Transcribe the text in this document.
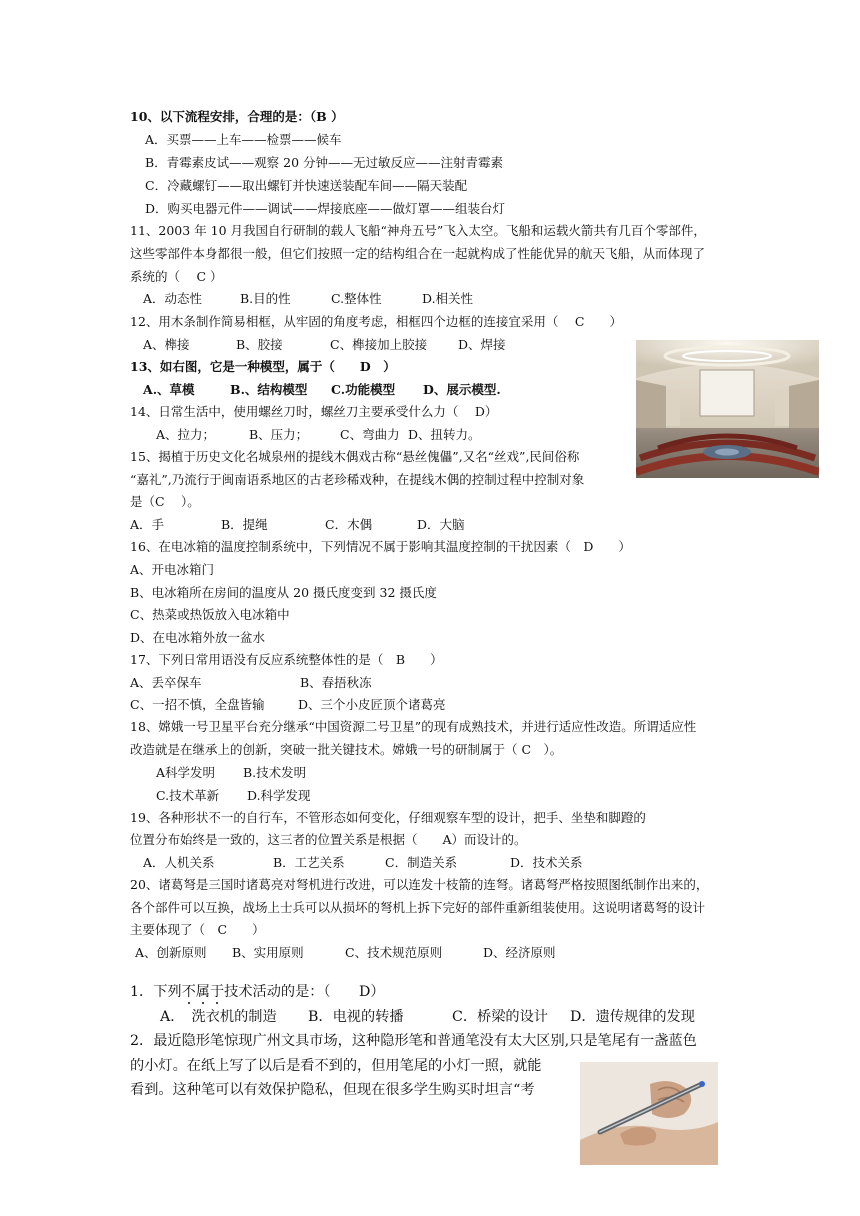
10、以下流程安排，合理的是：（B ）
A．买票——上车——检票——候车
B．青霉素皮试——观察 20 分钟——无过敏反应——注射青霉素
C．冷藏螺钉——取出螺钉并快速送装配车间——隔天装配
D．购买电器元件——调试——焊接底座——做灯罩——组装台灯
11、2003 年 10 月我国自行研制的载人飞船“神舟五号”飞入太空。飞船和运载火箭共有几百个零部件，
这些零部件本身都很一般，但它们按照一定的结构组合在一起就构成了性能优异的航天飞船，从而体现了
系统的（　 C ）
A．动态性	B.目的性	C.整体性	D.相关性
12、用木条制作简易相框，从牢固的角度考虑，相框四个边框的连接宜采用（　 C　　）
A、榫接	B、胶接	C、榫接加上胶接 D、焊接
13、如右图，它是一种模型，属于（　　D　）
A.、草模	B.、结构模型 C.功能模型 D、展示模型.
14、日常生活中，使用螺丝刀时，螺丝刀主要承受什么力（　 D）
A、拉力；	B、压力；	C、弯曲力 D、扭转力。
15、揭植于历史文化名城泉州的提线木偶戏古称“悬丝傀儡”,又名“丝戏”,民间俗称
“嘉礼”,乃流行于闽南语系地区的古老珍稀戏种，在提线木偶的控制过程中控制对象
是（C　 ）。
A．手	B．提绳	C．木偶	D．大脑
16、在电冰箱的温度控制系统中，下列情况不属于影响其温度控制的干扰因素（　D　　）
A、开电冰箱门
B、电冰箱所在房间的温度从 20 摄氏度变到 32 摄氏度
C、热菜或热饭放入电冰箱中
D、在电冰箱外放一盆水
17、下列日常用语没有反应系统整体性的是（　B　　）
A、丢卒保车	B、春捂秋冻
C、一招不慎，全盘皆输	D、三个小皮匠顶个诸葛亮
18、嫦娥一号卫星平台充分继承“中国资源二号卫星”的现有成熟技术，并进行适应性改造。所谓适应性
改造就是在继承上的创新，突破一批关键技术。嫦娥一号的研制属于（ C　）。
A科学发明 B.技术发明
C.技术革新 D.科学发现
19、各种形状不一的自行车，不管形态如何变化，仔细观察车型的设计，把手、坐垫和脚蹬的
位置分布始终是一致的，这三者的位置关系是根据（　　A）而设计的。
A．人机关系	B．工艺关系	C．制造关系	D．技术关系
20、诸葛弩是三国时诸葛亮对弩机进行改进，可以连发十枝箭的连弩。诸葛弩严格按照图纸制作出来的，
各个部件可以互换，战场上士兵可以从损坏的弩机上拆下完好的部件重新组装使用。这说明诸葛弩的设计
主要体现了（　C　　）
A、创新原则 B、实用原则	C、技术规范原则	D、经济原则
1．下列不属于
技术活动的是：（　　D）
A．　洗衣机的制造 B．电视的转播	C．桥梁的设计 D．遗传规律的发现
2．最近隐形笔惊现广州文具市场，这种隐形笔和普通笔没有太大区别,只是笔尾有一盏蓝色
的小灯。在纸上写了以后是看不到的，但用笔尾的小灯一照，就能
看到。这种笔可以有效保护隐私，但现在很多学生购买时坦言“考
